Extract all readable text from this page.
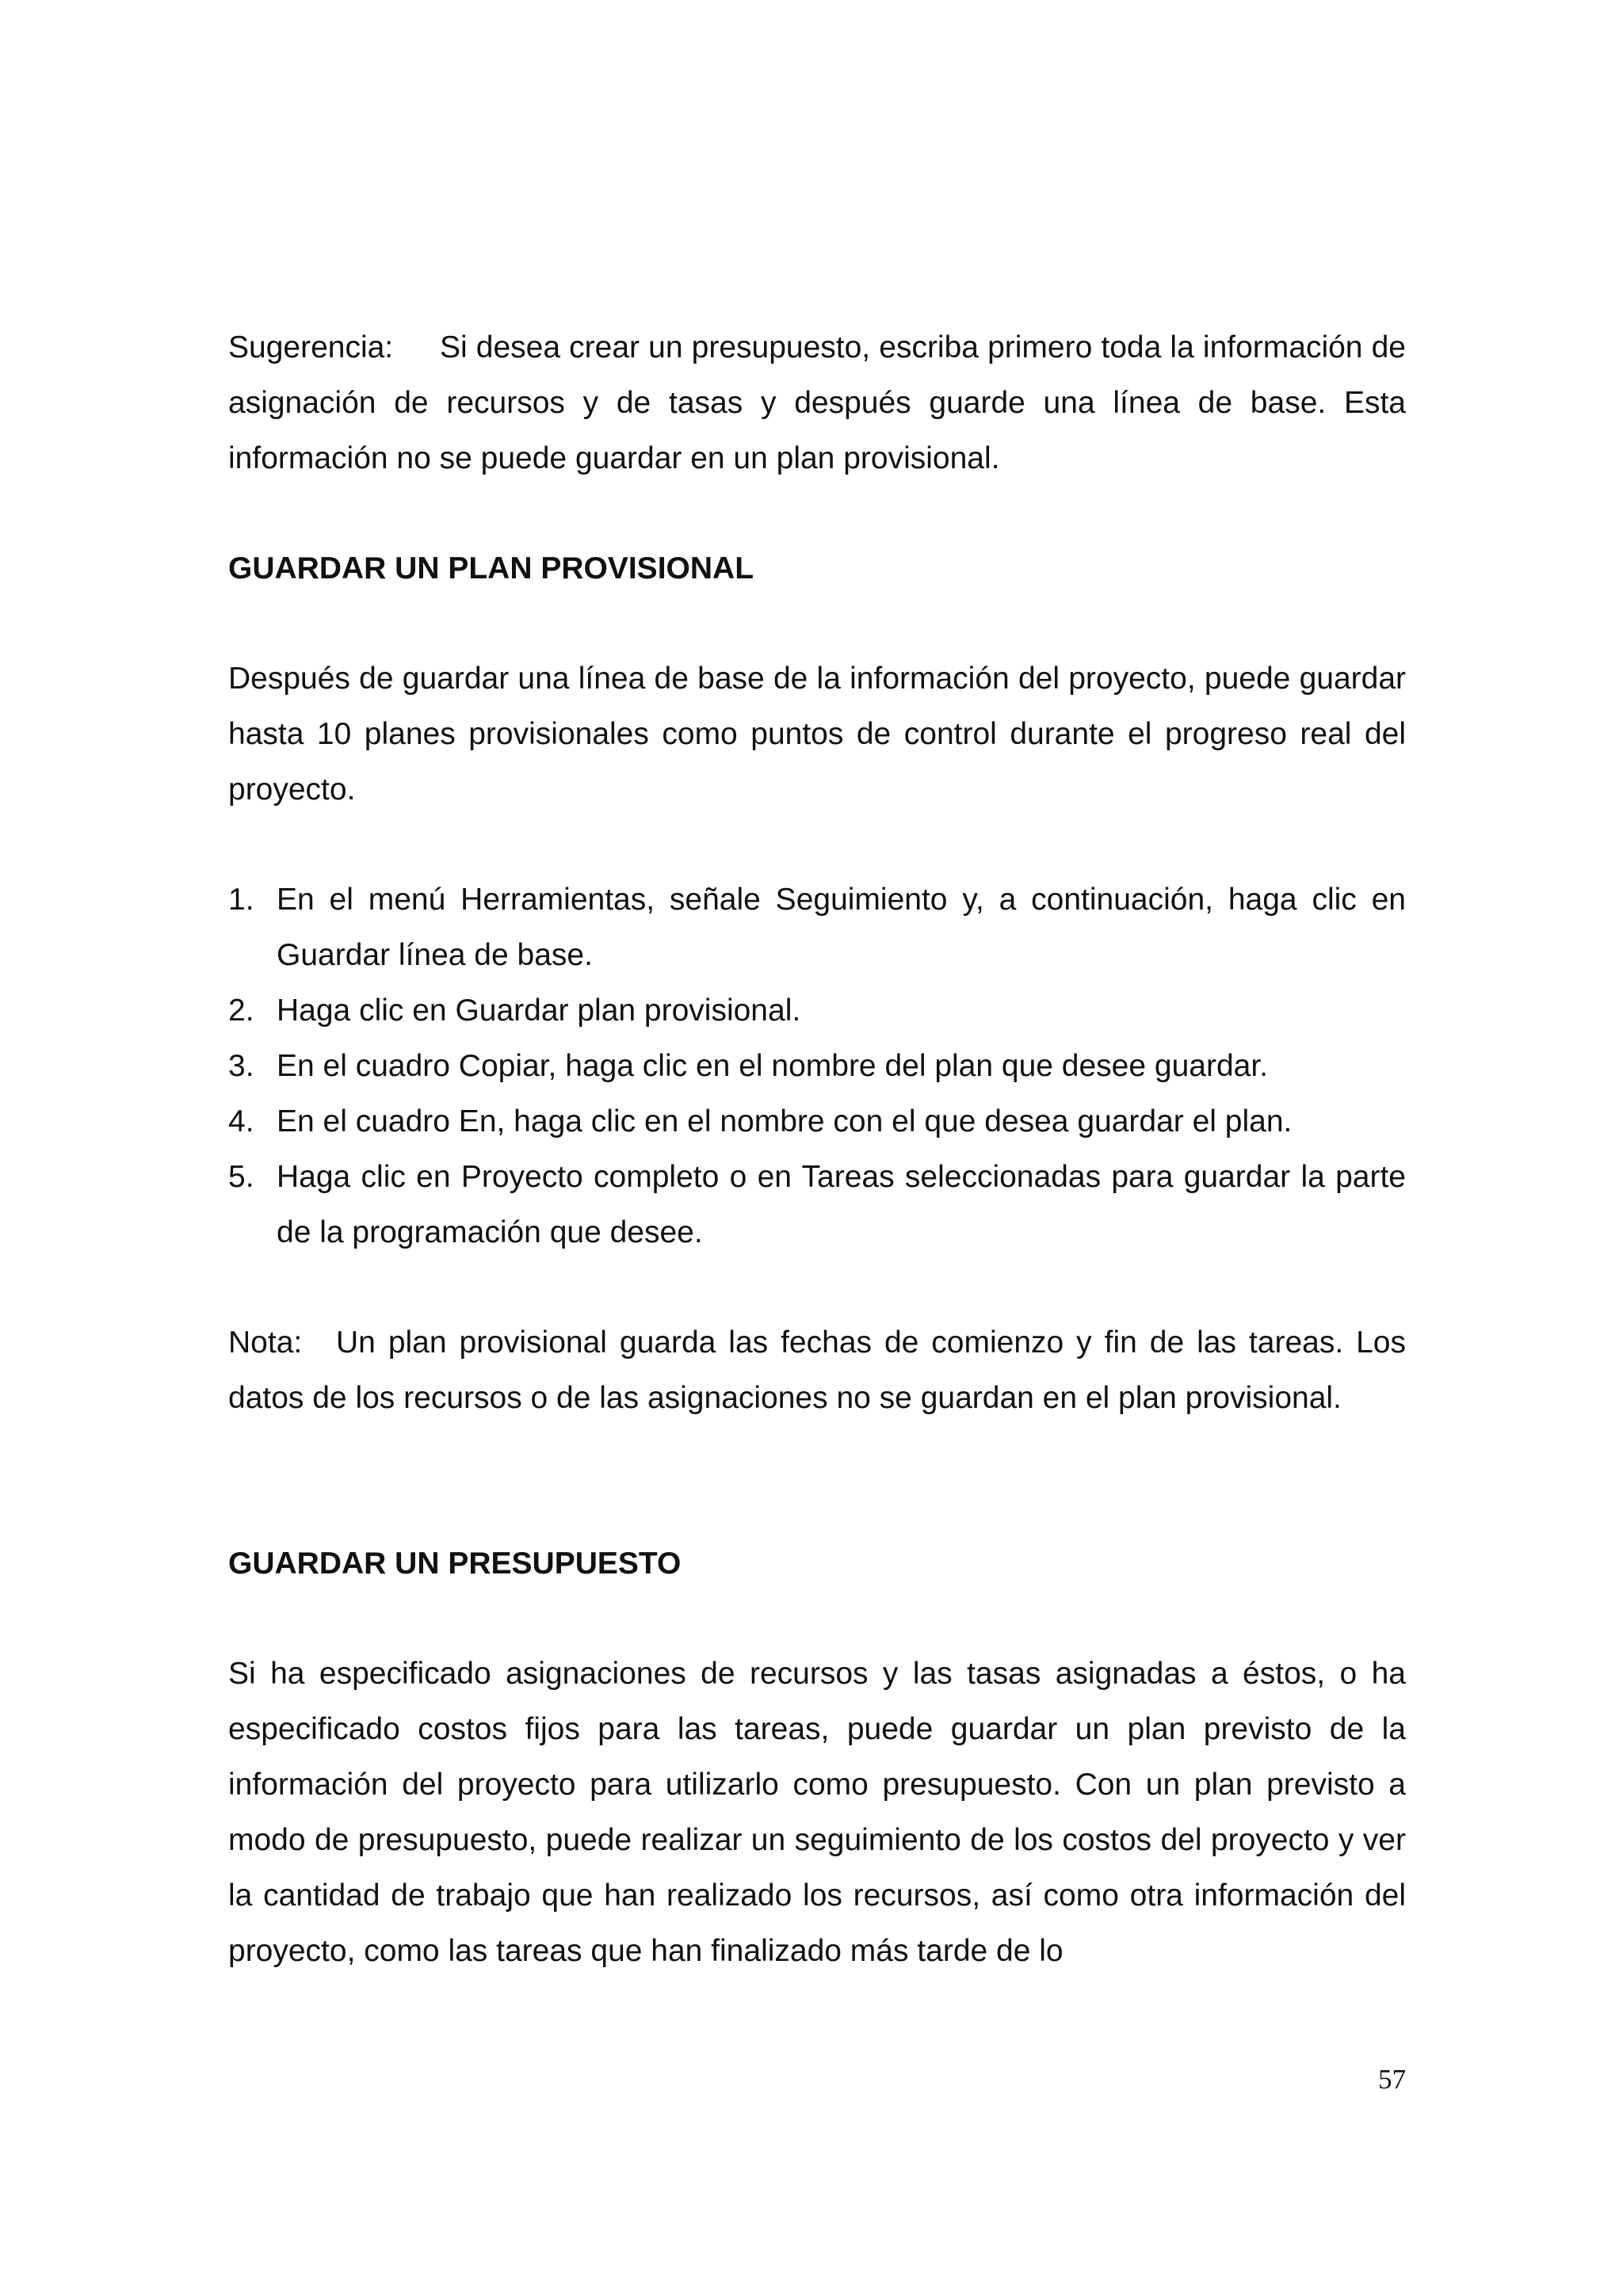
Sugerencia: Si desea crear un presupuesto, escriba primero toda la información de asignación de recursos y de tasas y después guarde una línea de base. Esta información no se puede guardar en un plan provisional.

GUARDAR UN PLAN PROVISIONAL

Después de guardar una línea de base de la información del proyecto, puede guardar hasta 10 planes provisionales como puntos de control durante el progreso real del proyecto.

1. En el menú Herramientas, señale Seguimiento y, a continuación, haga clic en Guardar línea de base.
2. Haga clic en Guardar plan provisional.
3. En el cuadro Copiar, haga clic en el nombre del plan que desee guardar.
4. En el cuadro En, haga clic en el nombre con el que desea guardar el plan.
5. Haga clic en Proyecto completo o en Tareas seleccionadas para guardar la parte de la programación que desee.

Nota: Un plan provisional guarda las fechas de comienzo y fin de las tareas. Los datos de los recursos o de las asignaciones no se guardan en el plan provisional.

GUARDAR UN PRESUPUESTO

Si ha especificado asignaciones de recursos y las tasas asignadas a éstos, o ha especificado costos fijos para las tareas, puede guardar un plan previsto de la información del proyecto para utilizarlo como presupuesto. Con un plan previsto a modo de presupuesto, puede realizar un seguimiento de los costos del proyecto y ver la cantidad de trabajo que han realizado los recursos, así como otra información del proyecto, como las tareas que han finalizado más tarde de lo

57
